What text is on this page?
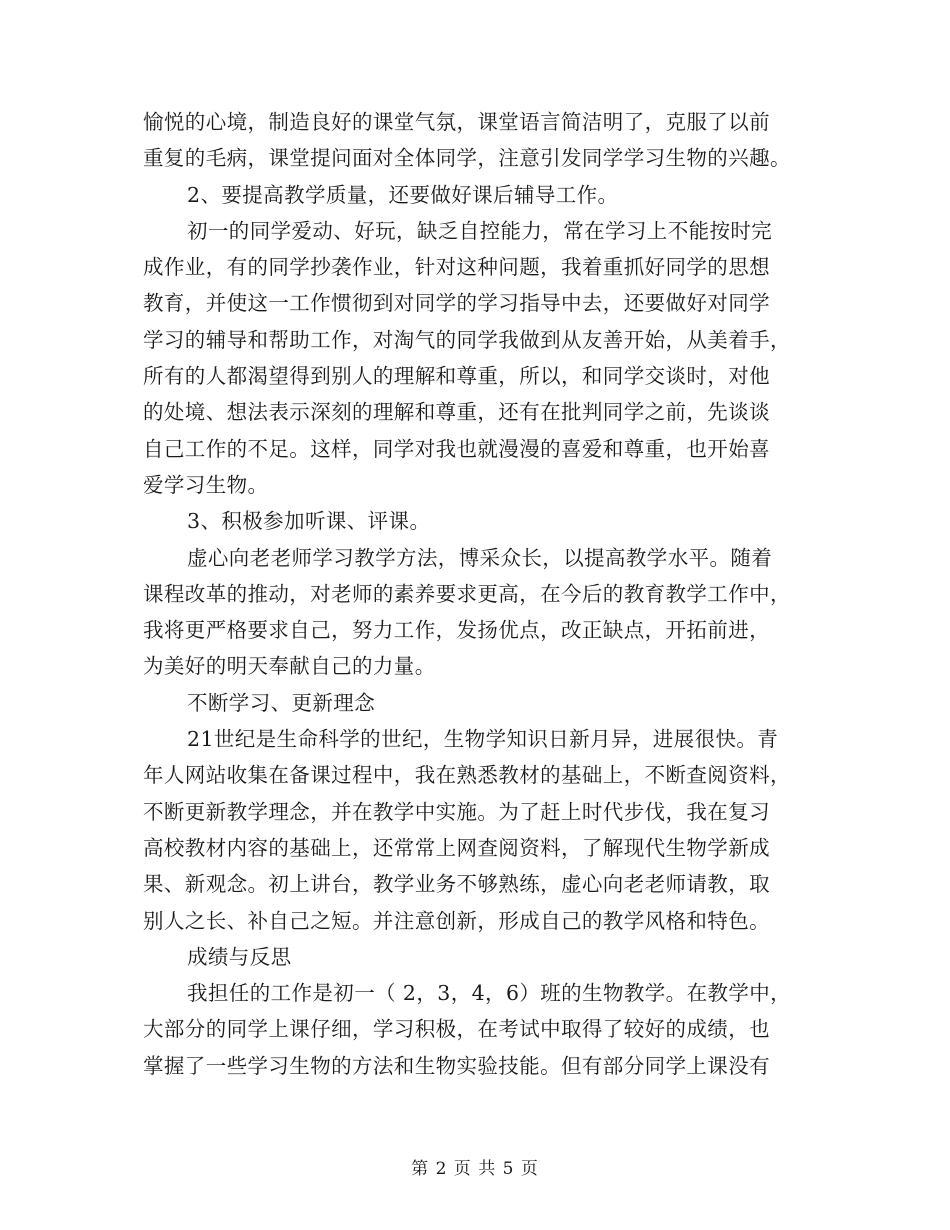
愉悦的心境，制造良好的课堂气氛，课堂语言简洁明了，克服了以前
重复的毛病，课堂提问面对全体同学，注意引发同学学习生物的兴趣。
2、要提高教学质量，还要做好课后辅导工作。
初一的同学爱动、好玩，缺乏自控能力，常在学习上不能按时完
成作业，有的同学抄袭作业，针对这种问题，我着重抓好同学的思想
教育，并使这一工作惯彻到对同学的学习指导中去，还要做好对同学
学习的辅导和帮助工作，对淘气的同学我做到从友善开始，从美着手，
所有的人都渴望得到别人的理解和尊重，所以，和同学交谈时，对他
的处境、想法表示深刻的理解和尊重，还有在批判同学之前，先谈谈
自己工作的不足。这样，同学对我也就漫漫的喜爱和尊重，也开始喜
爱学习生物。
3、积极参加听课、评课。
虚心向老老师学习教学方法，博采众长，以提高教学水平。随着
课程改革的推动，对老师的素养要求更高，在今后的教育教学工作中，
我将更严格要求自己，努力工作，发扬优点，改正缺点，开拓前进，
为美好的明天奉献自己的力量。
不断学习、更新理念
21世纪是生命科学的世纪，生物学知识日新月异，进展很快。青
年人网站收集在备课过程中，我在熟悉教材的基础上，不断查阅资料，
不断更新教学理念，并在教学中实施。为了赶上时代步伐，我在复习
高校教材内容的基础上，还常常上网查阅资料，了解现代生物学新成
果、新观念。初上讲台，教学业务不够熟练，虚心向老老师请教，取
别人之长、补自己之短。并注意创新，形成自己的教学风格和特色。
成绩与反思
我担任的工作是初一（ 2，3，4，6）班的生物教学。在教学中，
大部分的同学上课仔细，学习积极，在考试中取得了较好的成绩，也
掌握了一些学习生物的方法和生物实验技能。但有部分同学上课没有
第 2 页 共 5 页
